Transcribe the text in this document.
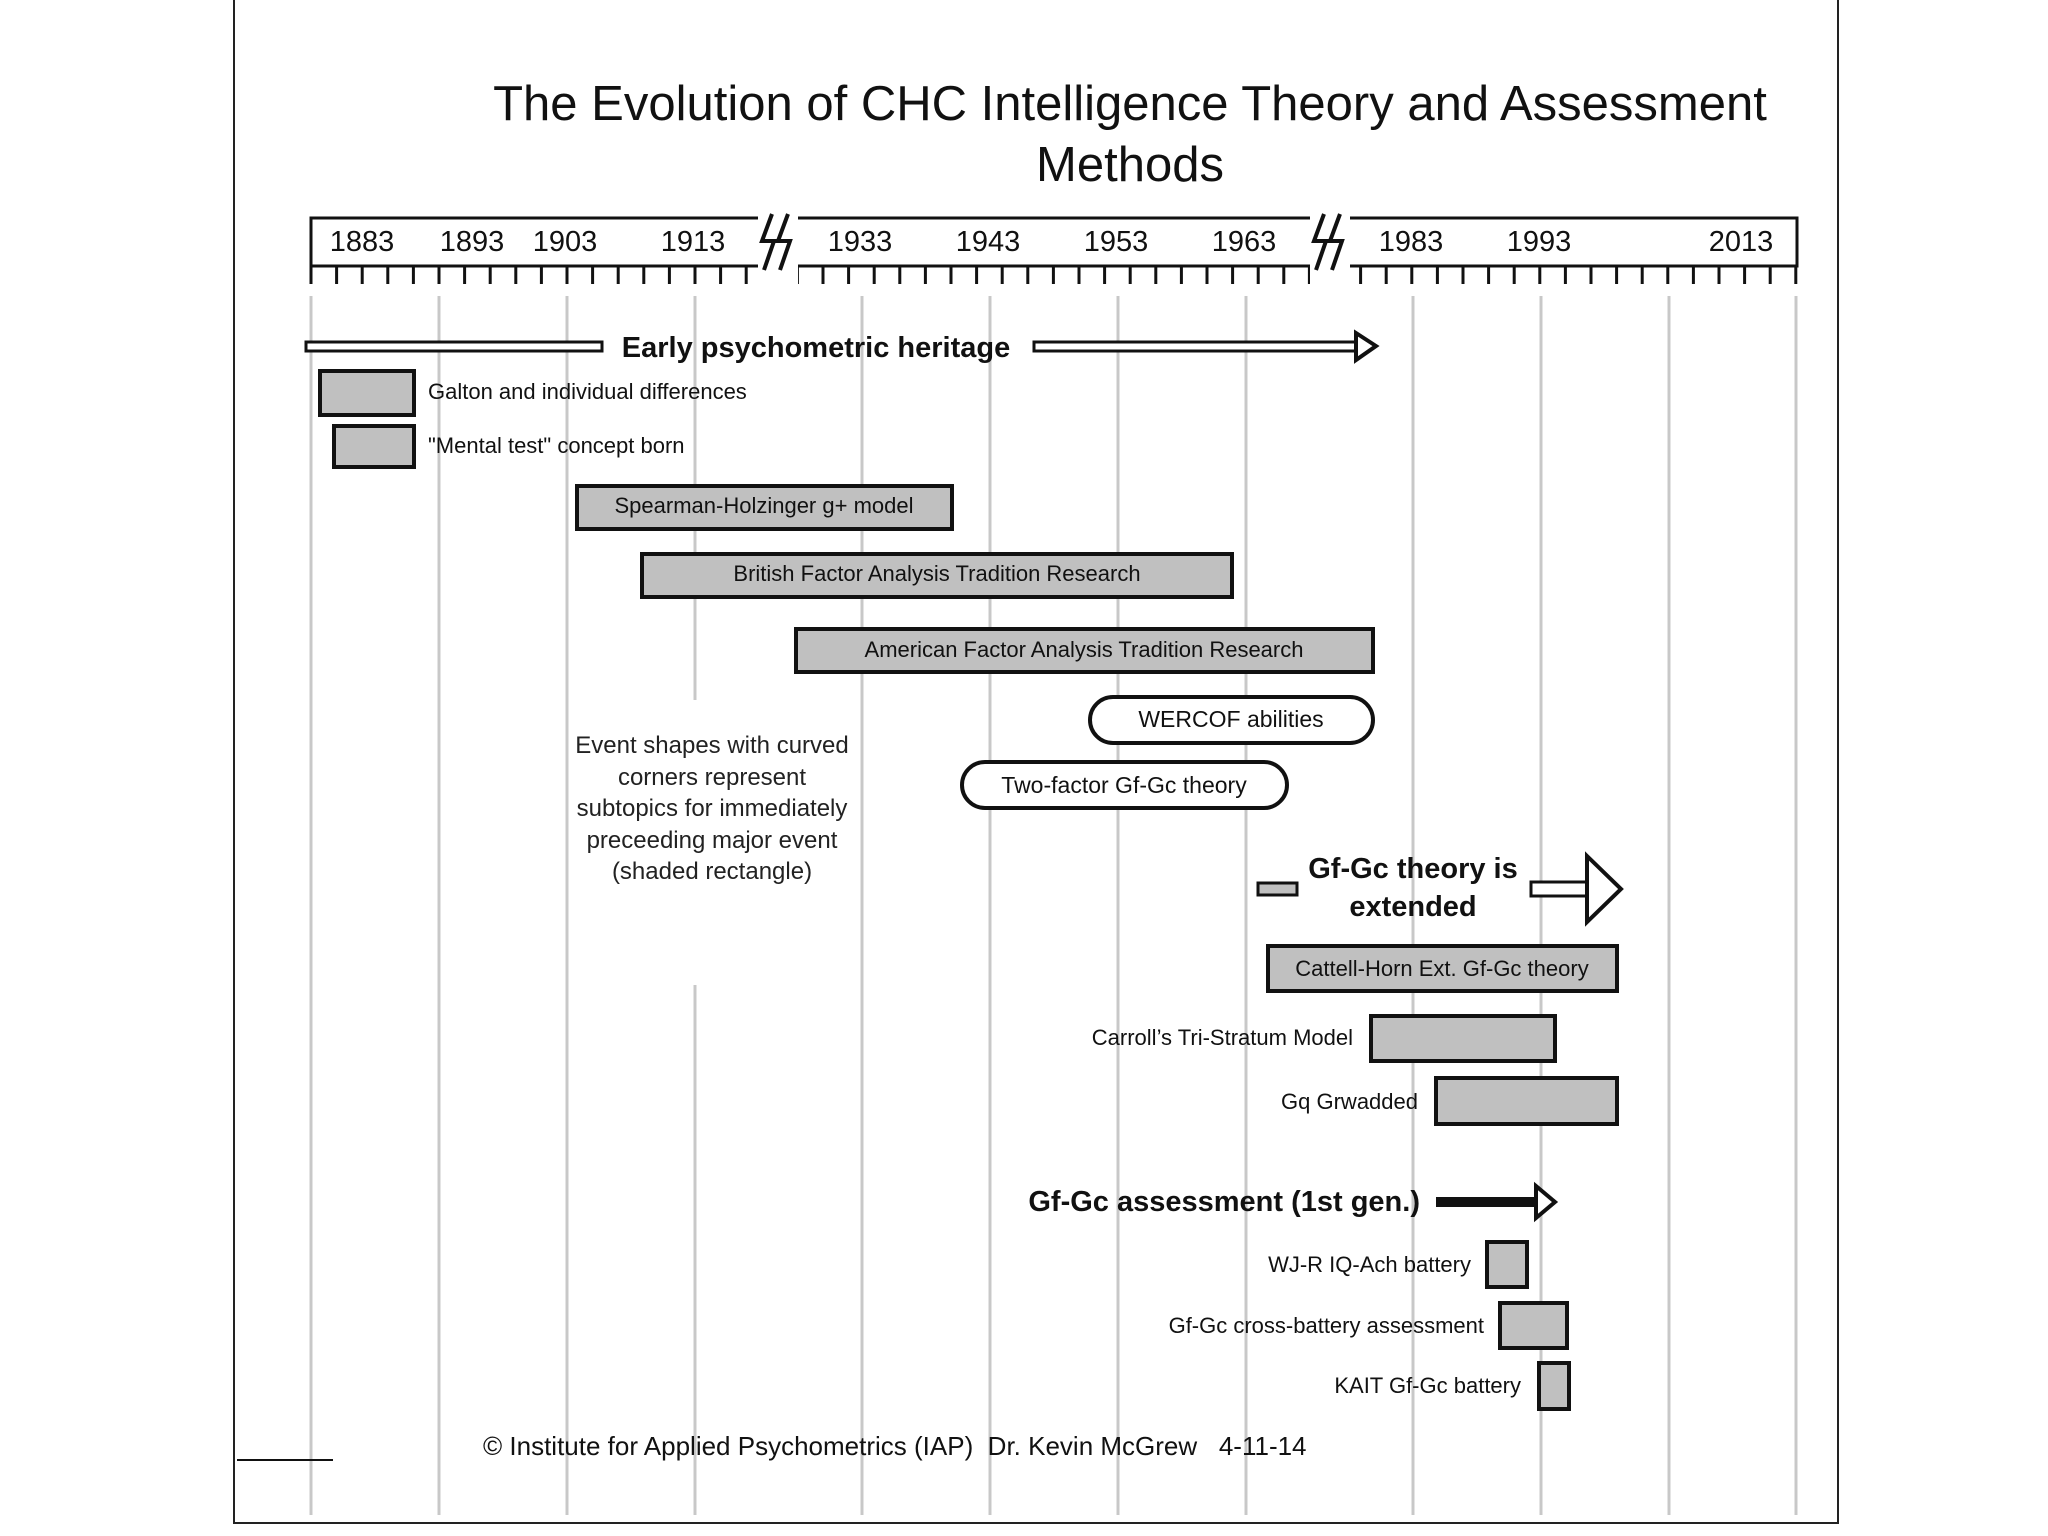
The Evolution of CHC Intelligence Theory and Assessment Methods
1883 1893 1903 1913	1933 1943 1953 1963	1983 1993	2013
Early psychometric heritage
Galton and individual differences
"Mental test" concept born
Spearman-Holzinger g+ model
British Factor Analysis Tradition Research
American Factor Analysis Tradition Research
WERCOF abilities
Two-factor Gf-Gc theory
Gf-Gc theory is
extended
Cattell-Horn Ext. Gf-Gc theory
Carroll’s Tri-Stratum Model
Gq Grwadded
Gf-Gc assessment (1st gen.)
WJ-R IQ-Ach battery
Gf-Gc cross-battery assessment
KAIT Gf-Gc battery
Event shapes with curved corners represent subtopics for immediately preceeding major event (shaded rectangle)
© Institute for Applied Psychometrics (IAP)  Dr. Kevin McGrew   4-11-14
